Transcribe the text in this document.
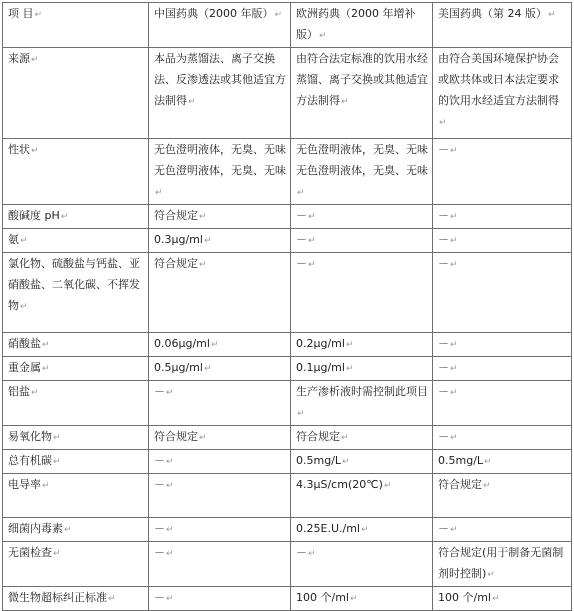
项 目↵	中国药典（2000 年版）↵	欧洲药典（2000 年增补版）↵	美国药典（第 24 版）↵
来源↵	本品为蒸馏法、离子交换法、反渗透法或其他适宜方法制得↵	由符合法定标准的饮用水经蒸馏、离子交换或其他适宜方法制得↵	由符合美国环境保护协会或欧共体或日本法定要求的饮用水经适宜方法制得↵
性状↵	无色澄明液体，无臭、无味 无色澄明液体，无臭、无味↵	无色澄明液体，无臭、无味 无色澄明液体，无臭、无味↵	－↵
酸碱度 pH↵	符合规定↵	－↵	－↵
氨↵	0.3μg/ml↵	－↵	－↵
氯化物、硫酸盐与钙盐、亚硝酸盐、二氧化碳、不挥发物↵	符合规定↵	－↵	－↵
硝酸盐↵	0.06μg/ml↵	0.2μg/ml↵	－↵
重金属↵	0.5μg/ml↵	0.1μg/ml↵	－↵
铝盐↵	－↵	生产渗析液时需控制此项目↵	－↵
易氧化物↵	符合规定↵	符合规定↵	－↵
总有机碳↵	－↵	0.5mg/L↵	0.5mg/L↵
电导率↵	－↵	4.3μS/cm(20℃)↵	符合规定↵
细菌内毒素↵	－↵	0.25E.U./ml↵	－↵
无菌检查↵	－↵	－↵	符合规定(用于制备无菌制剂时控制)↵
微生物超标纠正标准↵	－↵	100 个/ml↵	100 个/ml↵
